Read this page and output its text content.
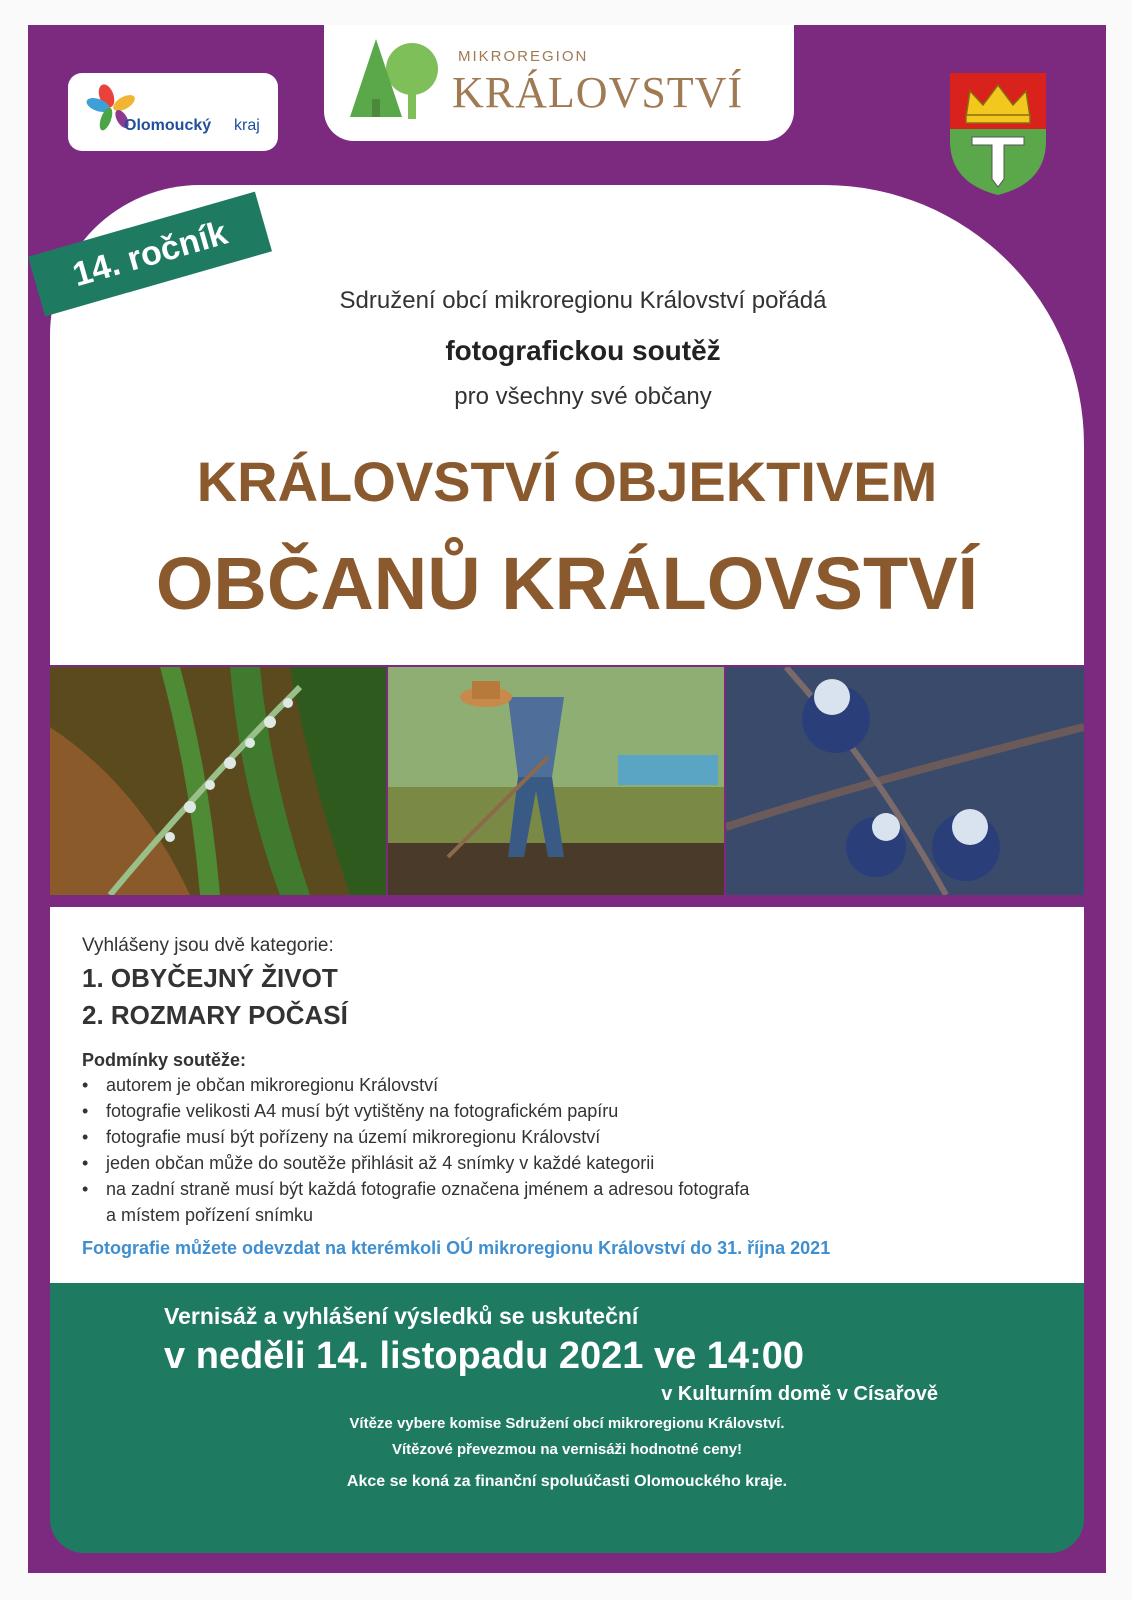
Olomoucký kraj
MIKROREGION
KRÁLOVSTVÍ
14. ročník
Sdružení obcí mikroregionu Království pořádá
fotografickou soutěž
pro všechny své občany
KRÁLOVSTVÍ OBJEKTIVEM
OBČANŮ KRÁLOVSTVÍ
Vyhlášeny jsou dvě kategorie:
1. OBYČEJNÝ ŽIVOT
2. ROZMARY POČASÍ
Podmínky soutěže:
• autorem je občan mikroregionu Království
• fotografie velikosti A4 musí být vytištěny na fotografickém papíru
• fotografie musí být pořízeny na území mikroregionu Království
• jeden občan může do soutěže přihlásit až 4 snímky v každé kategorii
• na zadní straně musí být každá fotografie označena jménem a adresou fotografa
a místem pořízení snímku
Fotografie můžete odevzdat na kterémkoli OÚ mikroregionu Království do 31. října 2021
Vernisáž a vyhlášení výsledků se uskuteční
v neděli 14. listopadu 2021 ve 14:00
v Kulturním domě v Císařově
Vítěze vybere komise Sdružení obcí mikroregionu Království.
Vítězové převezmou na vernisáži hodnotné ceny!
Akce se koná za finanční spoluúčasti Olomouckého kraje.
